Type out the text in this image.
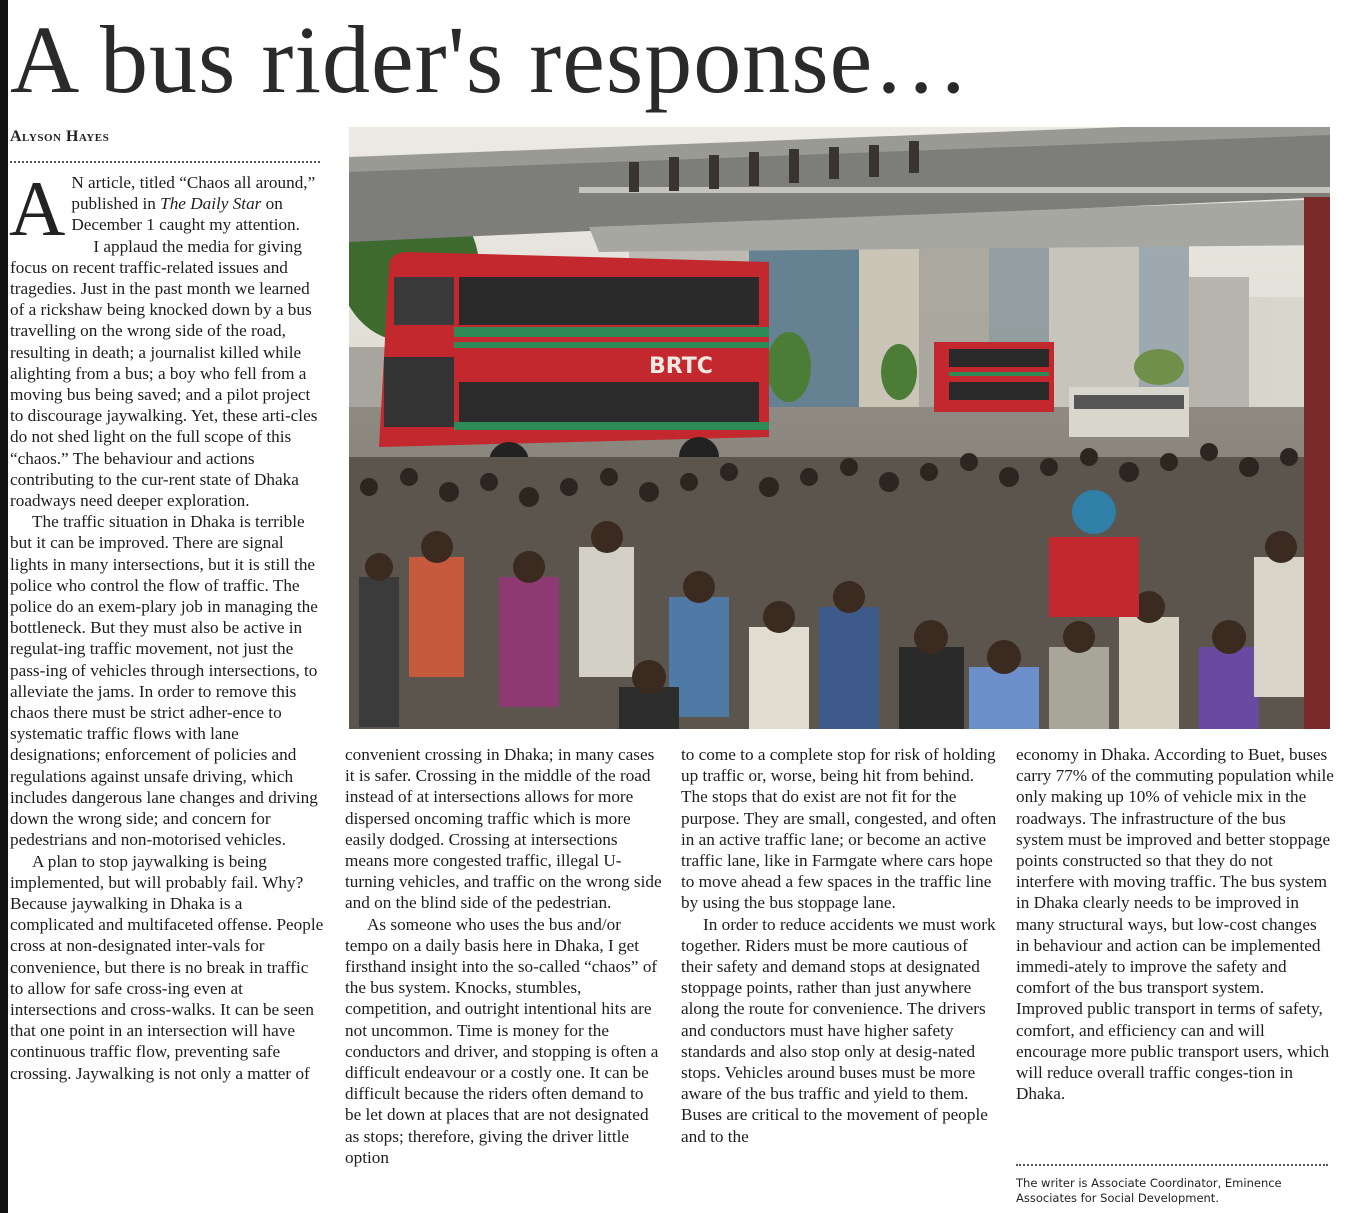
A bus rider's response…
Alyson Hayes

A N article, titled “Chaos all around,” published in The Daily Star on December 1 caught my attention.

I applaud the media for giving focus on recent traffic-related issues and tragedies. Just in the past month we learned of a rickshaw being knocked down by a bus travelling on the wrong side of the road, resulting in death; a journalist killed while alighting from a bus; a boy who fell from a moving bus being saved; and a pilot project to discourage jaywalking. Yet, these arti-cles do not shed light on the full scope of this “chaos.” The behaviour and actions contributing to the cur-rent state of Dhaka roadways need deeper exploration.

The traffic situation in Dhaka is terrible but it can be improved. There are signal lights in many intersections, but it is still the police who control the flow of traffic. The police do an exem-plary job in managing the bottleneck. But they must also be active in regulat-ing traffic movement, not just the pass-ing of vehicles through intersections, to alleviate the jams. In order to remove this chaos there must be strict adher-ence to systematic traffic flows with lane designations; enforcement of policies and regulations against unsafe driving, which includes dangerous lane changes and driving down the wrong side; and concern for pedestrians and non-motorised vehicles.

A plan to stop jaywalking is being implemented, but will probably fail. Why? Because jaywalking in Dhaka is a complicated and multifaceted offense. People cross at non-designated inter-vals for convenience, but there is no break in traffic to allow for safe cross-ing even at intersections and cross-walks. It can be seen that one point in an intersection will have continuous traffic flow, preventing safe crossing. Jaywalking is not only a matter of

BRTC

convenient crossing in Dhaka; in many cases it is safer. Crossing in the middle of the road instead of at intersections allows for more dispersed oncoming traffic which is more easily dodged. Crossing at intersections means more congested traffic, illegal U-turning vehicles, and traffic on the wrong side and on the blind side of the pedestrian.

As someone who uses the bus and/or tempo on a daily basis here in Dhaka, I get firsthand insight into the so-called “chaos” of the bus system. Knocks, stumbles, competition, and outright intentional hits are not uncommon. Time is money for the conductors and driver, and stopping is often a difficult endeavour or a costly one. It can be difficult because the riders often demand to be let down at places that are not designated as stops; therefore, giving the driver little option

to come to a complete stop for risk of holding up traffic or, worse, being hit from behind. The stops that do exist are not fit for the purpose. They are small, congested, and often in an active traffic lane; or become an active traffic lane, like in Farmgate where cars hope to move ahead a few spaces in the traffic line by using the bus stoppage lane.

In order to reduce accidents we must work together. Riders must be more cautious of their safety and demand stops at designated stoppage points, rather than just anywhere along the route for convenience. The drivers and conductors must have higher safety standards and also stop only at desig-nated stops. Vehicles around buses must be more aware of the bus traffic and yield to them. Buses are critical to the movement of people and to the

economy in Dhaka. According to Buet, buses carry 77% of the commuting population while only making up 10% of vehicle mix in the roadways. The infrastructure of the bus system must be improved and better stoppage points constructed so that they do not interfere with moving traffic. The bus system in Dhaka clearly needs to be improved in many structural ways, but low-cost changes in behaviour and action can be implemented immedi-ately to improve the safety and comfort of the bus transport system. Improved public transport in terms of safety, comfort, and efficiency can and will encourage more public transport users, which will reduce overall traffic conges-tion in Dhaka.

The writer is Associate Coordinator, Eminence Associates for Social Development.
